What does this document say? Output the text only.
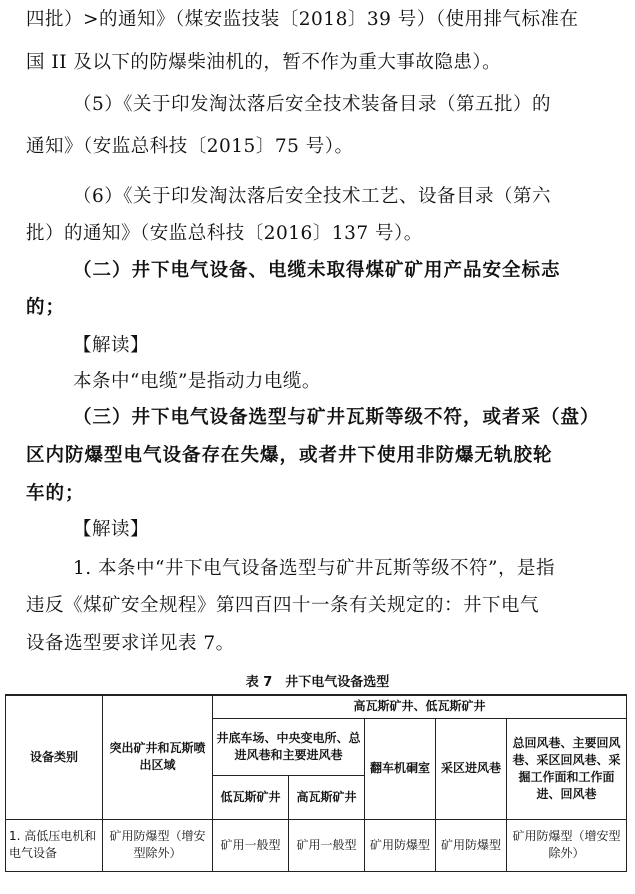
四批）>的通知》（煤安监技装〔2018〕39 号）（使用排气标准在
国 II 及以下的防爆柴油机的，暂不作为重大事故隐患）。
（5）《关于印发淘汰落后安全技术装备目录（第五批）的
通知》（安监总科技〔2015〕75 号）。
（6）《关于印发淘汰落后安全技术工艺、设备目录（第六
批）的通知》（安监总科技〔2016〕137 号）。
（二）井下电气设备、电缆未取得煤矿矿用产品安全标志
的；
【解读】
本条中“电缆”是指动力电缆。
（三）井下电气设备选型与矿井瓦斯等级不符，或者采（盘）
区内防爆型电气设备存在失爆，或者井下使用非防爆无轨胶轮
车的；
【解读】
1. 本条中“井下电气设备选型与矿井瓦斯等级不符”，是指
违反《煤矿安全规程》第四百四十一条有关规定的：井下电气
设备选型要求详见表 7。
表 7　井下电气设备选型
设备类别	突出矿井和瓦斯喷出区域	高瓦斯矿井、低瓦斯矿井				
		井底车场、中央变电所、总进风巷和主要进风巷		翻车机硐室	采区进风巷	总回风巷、主要回风巷、采区回风巷、采掘工作面和工作面进、回风巷
		低瓦斯矿井	高瓦斯矿井			
1. 高低压电机和电气设备	矿用防爆型（增安型除外）	矿用一般型	矿用一般型	矿用防爆型	矿用防爆型	矿用防爆型（增安型除外）
